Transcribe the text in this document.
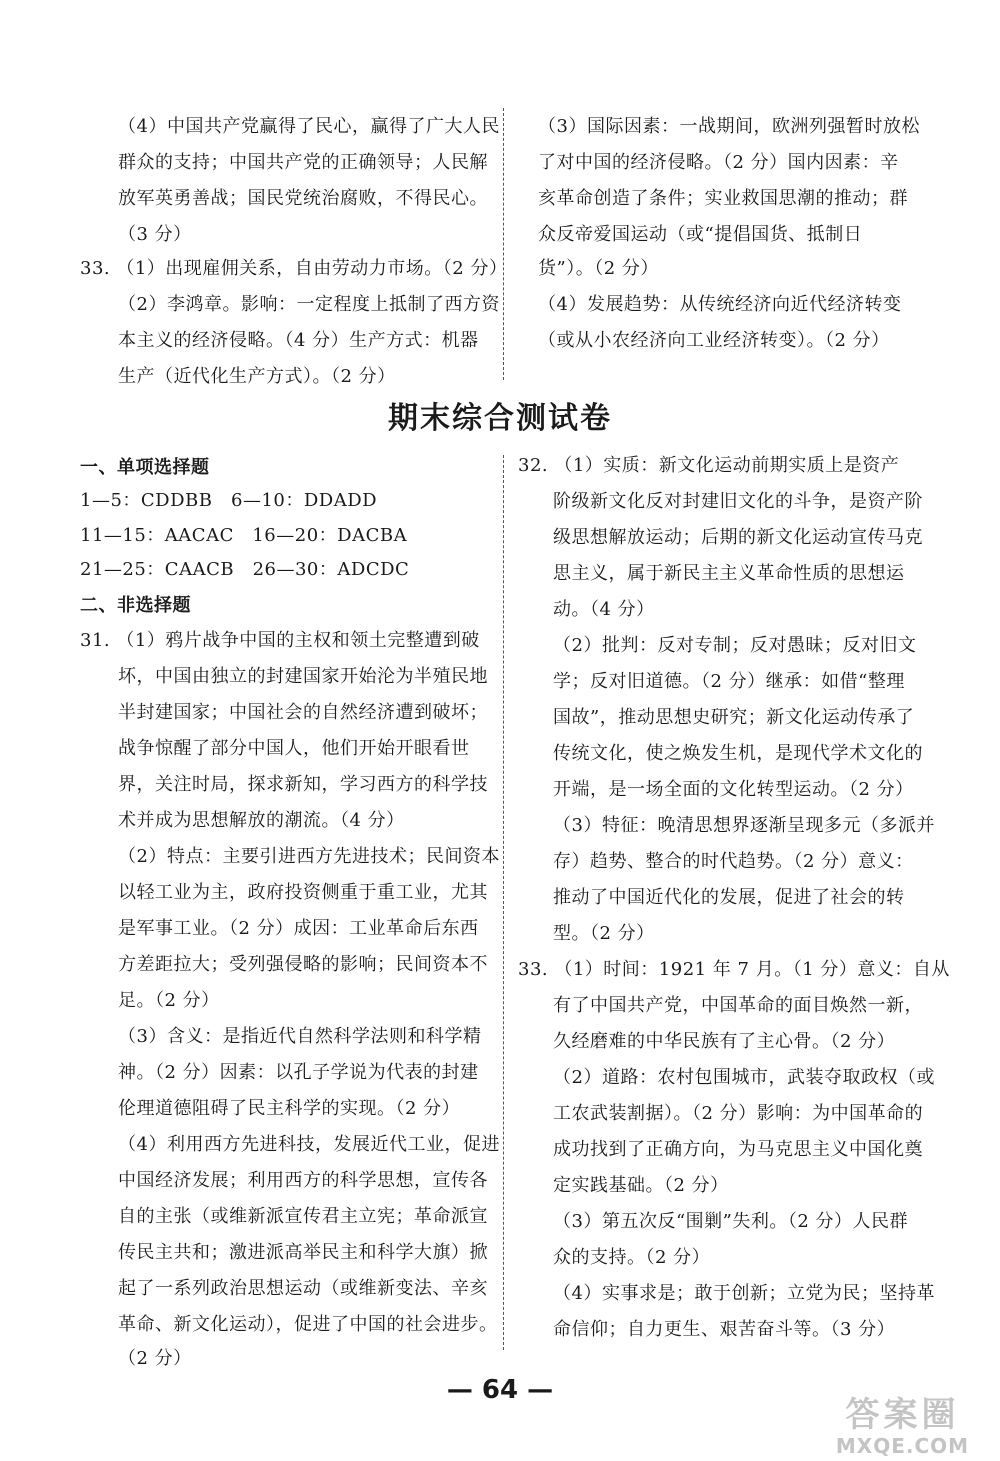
（4）中国共产党赢得了民心，赢得了广大人民
群众的支持；中国共产党的正确领导；人民解
放军英勇善战；国民党统治腐败，不得民心。
（3 分）
33. （1）出现雇佣关系，自由劳动力市场。（2 分）
（2）李鸿章。影响：一定程度上抵制了西方资
本主义的经济侵略。（4 分）生产方式：机器
生产（近代化生产方式）。（2 分）
（3）国际因素：一战期间，欧洲列强暂时放松
了对中国的经济侵略。（2 分）国内因素：辛
亥革命创造了条件；实业救国思潮的推动；群
众反帝爱国运动（或“提倡国货、抵制日
货”）。（2 分）
（4）发展趋势：从传统经济向近代经济转变
（或从小农经济向工业经济转变）。（2 分）
期末综合测试卷
一、单项选择题
1—5：CDDBB　6—10：DDADD
11—15：AACAC　16—20：DACBA
21—25：CAACB　26—30：ADCDC
二、非选择题
31. （1）鸦片战争中国的主权和领土完整遭到破
坏，中国由独立的封建国家开始沦为半殖民地
半封建国家；中国社会的自然经济遭到破坏；
战争惊醒了部分中国人，他们开始开眼看世
界，关注时局，探求新知，学习西方的科学技
术并成为思想解放的潮流。（4 分）
（2）特点：主要引进西方先进技术；民间资本
以轻工业为主，政府投资侧重于重工业，尤其
是军事工业。（2 分）成因：工业革命后东西
方差距拉大；受列强侵略的影响；民间资本不
足。（2 分）
（3）含义：是指近代自然科学法则和科学精
神。（2 分）因素：以孔子学说为代表的封建
伦理道德阻碍了民主科学的实现。（2 分）
（4）利用西方先进科技，发展近代工业，促进
中国经济发展；利用西方的科学思想，宣传各
自的主张（或维新派宣传君主立宪；革命派宣
传民主共和；激进派高举民主和科学大旗）掀
起了一系列政治思想运动（或维新变法、辛亥
革命、新文化运动），促进了中国的社会进步。
（2 分）
32. （1）实质：新文化运动前期实质上是资产
阶级新文化反对封建旧文化的斗争，是资产阶
级思想解放运动；后期的新文化运动宣传马克
思主义，属于新民主主义革命性质的思想运
动。（4 分）
（2）批判：反对专制；反对愚昧；反对旧文
学；反对旧道德。（2 分）继承：如借“整理
国故”，推动思想史研究；新文化运动传承了
传统文化，使之焕发生机，是现代学术文化的
开端，是一场全面的文化转型运动。（2 分）
（3）特征：晚清思想界逐渐呈现多元（多派并
存）趋势、整合的时代趋势。（2 分）意义：
推动了中国近代化的发展，促进了社会的转
型。（2 分）
33. （1）时间：1921 年 7 月。（1 分）意义：自从
有了中国共产党，中国革命的面目焕然一新，
久经磨难的中华民族有了主心骨。（2 分）
（2）道路：农村包围城市，武装夺取政权（或
工农武装割据）。（2 分）影响：为中国革命的
成功找到了正确方向，为马克思主义中国化奠
定实践基础。（2 分）
（3）第五次反“围剿”失利。（2 分）人民群
众的支持。（2 分）
（4）实事求是；敢于创新；立党为民；坚持革
命信仰；自力更生、艰苦奋斗等。（3 分）
— 64 —
答案圈
MXQE.COM
